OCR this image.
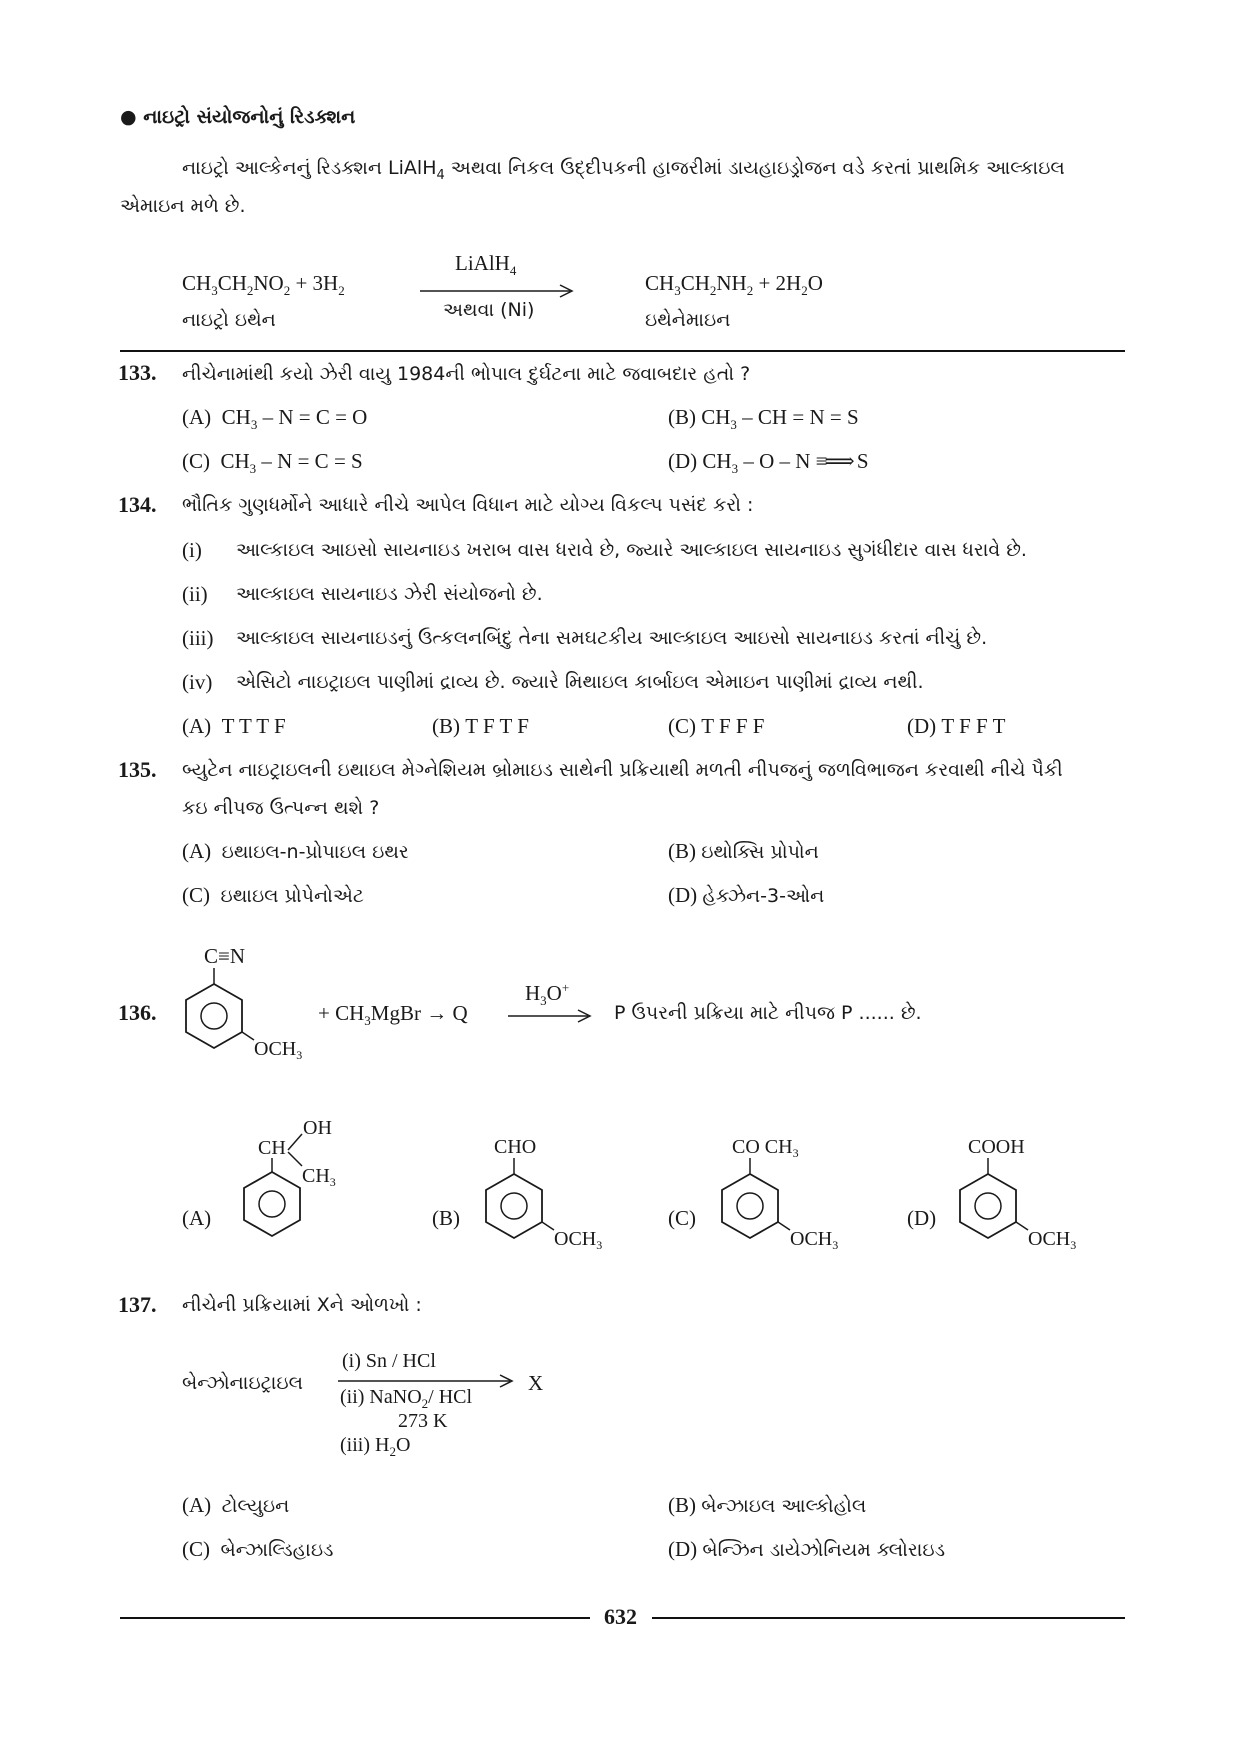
● નાઇટ્રો સંયોજનોનું રિડક્શન
નાઇટ્રો આલ્કેનનું રિડક્શન LiAlH$_4$ અથવા નિકલ ઉદ્દીપકની હાજરીમાં ડાયહાઇડ્રોજન વડે કરતાં પ્રાથમિક આલ્કાઇલ
એમાઇન મળે છે.
$CH_3CH_2NO_2 + 3H_2$
નાઇટ્રો ઇથેન
LiAlH$_4$
અથવા (Ni)
$CH_3CH_2NH_2 + 2H_2O$
ઇથેનેમાઇન
133. નીચેનામાંથી કયો ઝેરી વાયુ 1984ની ભોપાલ દુર્ઘટના માટે જવાબદાર હતો ?
(A)  $CH_3 - N = C = O$	(B) $CH_3$ – CH = N = S
(C)  $CH_3 - N = C = S$	(D) $CH_3$ – O – N ≡⟹ S
134. ભૌતિક ગુણધર્મોને આધારે નીચે આપેલ વિધાન માટે યોગ્ય વિકલ્પ પસંદ કરો :
(i) આલ્કાઇલ આઇસો સાયનાઇડ ખરાબ વાસ ધરાવે છે, જ્યારે આલ્કાઇલ સાયનાઇડ સુગંધીદાર વાસ ધરાવે છે.
(ii) આલ્કાઇલ સાયનાઇડ ઝેરી સંયોજનો છે.
(iii) આલ્કાઇલ સાયનાઇડનું ઉત્કલનબિંદુ તેના સમઘટકીય આલ્કાઇલ આઇસો સાયનાઇડ કરતાં નીચું છે.
(iv) એસિટો નાઇટ્રાઇલ પાણીમાં દ્રાવ્ય છે. જ્યારે મિથાઇલ કાર્બાઇલ એમાઇન પાણીમાં દ્રાવ્ય નથી.
(A) T T T F	(B) T F T F	(C) T F F F	(D) T F F T
135. બ્યુટેન નાઇટ્રાઇલની ઇથાઇલ મેગ્નેશિયમ બ્રોમાઇડ સાથેની પ્રક્રિયાથી મળતી નીપજનું જળવિભાજન કરવાથી નીચે પૈકી
કઇ નીપજ ઉત્પન્ન થશે ?
(A) ઇથાઇલ-n-પ્રોપાઇલ ઇથર	(B) ઇથોક્સિ પ્રોપોન
(C) ઇથાઇલ પ્રોપેનોએટ	(D) હેક્ઝેન-3-ઓન
136.
C≡N
$OCH_3$
+ $CH_3MgBr \to Q$
$H_3O^+$
P ઉપરની પ્રક્રિયા માટે નીપજ P ...... છે.
(A)
CH
OH
$CH_3$
(B)
CHO
$OCH_3$
(C)
CO $CH_3$
$OCH_3$
(D)
COOH
$OCH_3$
137. નીચેની પ્રક્રિયામાં Xને ઓળખો :
બેન્ઝોનાઇટ્રાઇલ
(i) Sn / HCl
X
(ii) NaNO$_2$/ HCl
273 K
(iii) $H_2O$
(A) ટોલ્યુઇન	(B) બેન્ઝાઇલ આલ્કોહોલ
(C) બેન્ઝાલ્ડિહાઇડ	(D) બેન્ઝિન ડાયેઝોનિયમ ક્લોરાઇડ
632
